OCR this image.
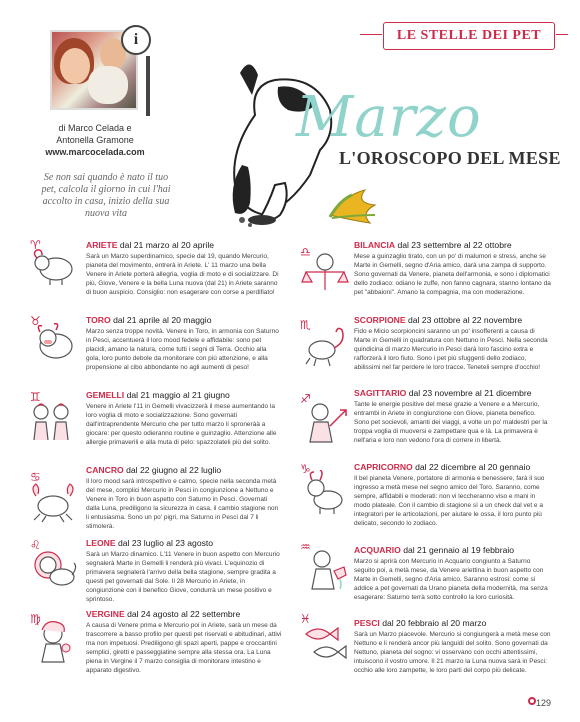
LE STELLE DEI PET
i
di Marco Celada e
Antonella Gramone
www.marcocelada.com
Se non sai quando è nato il tuo pet, calcola il giorno in cui l'hai accolto in casa, inizio della sua nuova vita
Marzo
L'OROSCOPO DEL MESE
♈
♉
♊
♋
♌
♍
♎
♏
♐
♑
♒
♓
ARIETE dal 21 marzo al 20 aprile
Sarà un Marzo superdinamico, specie dal 19, quando Mercurio, pianeta del movimento, entrerà in Ariete. L' 11 marzo una bella Venere in Ariete porterà allegria, voglia di moto e di socializzare. Di più, Giove, Venere e la bella Luna nuova (dal 21) in Ariete saranno di buon auspicio. Consiglio: non esagerare con corse a perdifiato!
TORO dal 21 aprile al 20 maggio
Marzo senza troppe novità. Venere in Toro, in armonia con Saturno in Pesci, accentuerà il loro mood fedele e affidabile: sono pet placidi, amano la natura, come tutti i segni di Terra. Occhio alla gola, loro punto debole da monitorare con più attenzione, e alla propensione al cibo abbondante no agli aumenti di peso!
GEMELLI dal 21 maggio al 21 giugno
Venere in Ariete l'11 in Gemelli vivacizzerà il mese aumentando la loro voglia di moto e socializzazione. Sono governati dall'intraprendente Mercurio che per tutto marzo li sproneràà a giocare: per questo odieranno routine e guinzaglio. Attenzione alle allergie primaverili e alla muta di pelo: spazzolateli più del solito.
CANCRO dal 22 giugno al 22 luglio
Il loro mood sarà introspettivo e calmo, specie nella seconda metà del mese, complici Mercurio in Pesci in congiunzione a Nettuno e Venere in Toro in buon aspetto con Saturno in Pesci. Governati dalla Luna, prediligono la sicurezza in casa, il cambio stagione non li entusiasma. Sono un po' pigri, ma Saturno in Pesci dal 7 li stimolerà.
LEONE dal 23 luglio al 23 agosto
Sarà un Marzo dinamico. L'11 Venere in buon aspetto con Mercurio segnalerà Marte in Gemelli li renderà più vivaci. L'equinozio di primavera segnalerà l'arrivo della bella stagione, sempre gradita a questi pet governati dal Sole. Il 28 Mercurio in Ariete, in congiunzione con il benefico Giove, condurrà un mese positivo e sprintoso.
VERGINE dal 24 agosto al 22 settembre
A causa di Venere prima e Mercurio poi in Ariete, sarà un mese da trascorrere a basso profilo per questi pet riservati e abitudinari, attivi ma non impetuosi. Prediligono gli spazi aperti, pappe e croccantini semplici, giretti e passeggiatine sempre alla stessa ora. La Luna piena in Vergine il 7 marzo consiglia di monitorare intestino e apparato digestivo.
BILANCIA dal 23 settembre al 22 ottobre
Mese a guinzaglio tirato, con un po' di malumori e stress, anche se Marte in Gemelli, segno d'Aria amico, darà una zampa di supporto. Sono governati da Venere, pianeta dell'armonia, e sono i diplomatici dello zodiaco: odiano le zuffe, non fanno cagnara, stanno lontano da pet "abbaioni". Amano la compagnia, ma con moderazione.
SCORPIONE dal 23 ottobre al 22 novembre
Fido e Micio scorpioncini saranno un po' insofferenti a causa di Marte in Gemelli in quadratura con Nettuno in Pesci. Nella seconda quindicina di marzo Mercurio in Pesci darà loro fascino extra e rafforzerà il loro fiuto. Sono i pet più sfuggenti dello zodiaco, abilissimi nel far perdere le loro tracce. Teneteli sempre d'occhio!
SAGITTARIO dal 23 novembre al 21 dicembre
Tante le energie positive del mese grazie a Venere e a Mercurio, entrambi in Ariete in congiunzione con Giove, pianeta benefico. Sono pet socievoli, amanti dei viaggi, a volte un po' maldestri per la troppa voglia di muoversi e zampettare qua e là. La primavera è nell'aria e loro non vedono l'ora di correre in libertà.
CAPRICORNO dal 22 dicembre al 20 gennaio
Il bel pianeta Venere, portatore di armonia e benessere, farà il suo ingresso a metà mese nel segno amico del Toro. Saranno, come sempre, affidabili e moderati: non vi leccheranno viso e mani in modo plateale. Con il cambio di stagione sì a un check dal vet e a integratori per le articolazioni, per aiutare le ossa, il loro punto più delicato, secondo lo zodiaco.
ACQUARIO dal 21 gennaio al 19 febbraio
Marzo si aprirà con Mercurio in Acquario congiunto a Saturno seguito poi, a metà mese, da Venere ariettina in buon aspetto con Marte in Gemelli, segno d'Aria amico. Saranno estrosi: come si addice a pet governati da Urano pianeta della modernità, ma senza esagerare: Saturno terrà sotto controllo la loro curiosità.
PESCI dal 20 febbraio al 20 marzo
Sarà un Marzo piacevole. Mercurio si congiungerà a metà mese con Nettuno e li renderà ancor più languidi del solito. Sono governati da Nettuno, pianeta del sogno: vi osservano con occhi attentissimi, intuiscono il vostro umore. Il 21 marzo la Luna nuova sarà in Pesci: occhio alle loro zampette, le loro parti del corpo più delicate.
129
